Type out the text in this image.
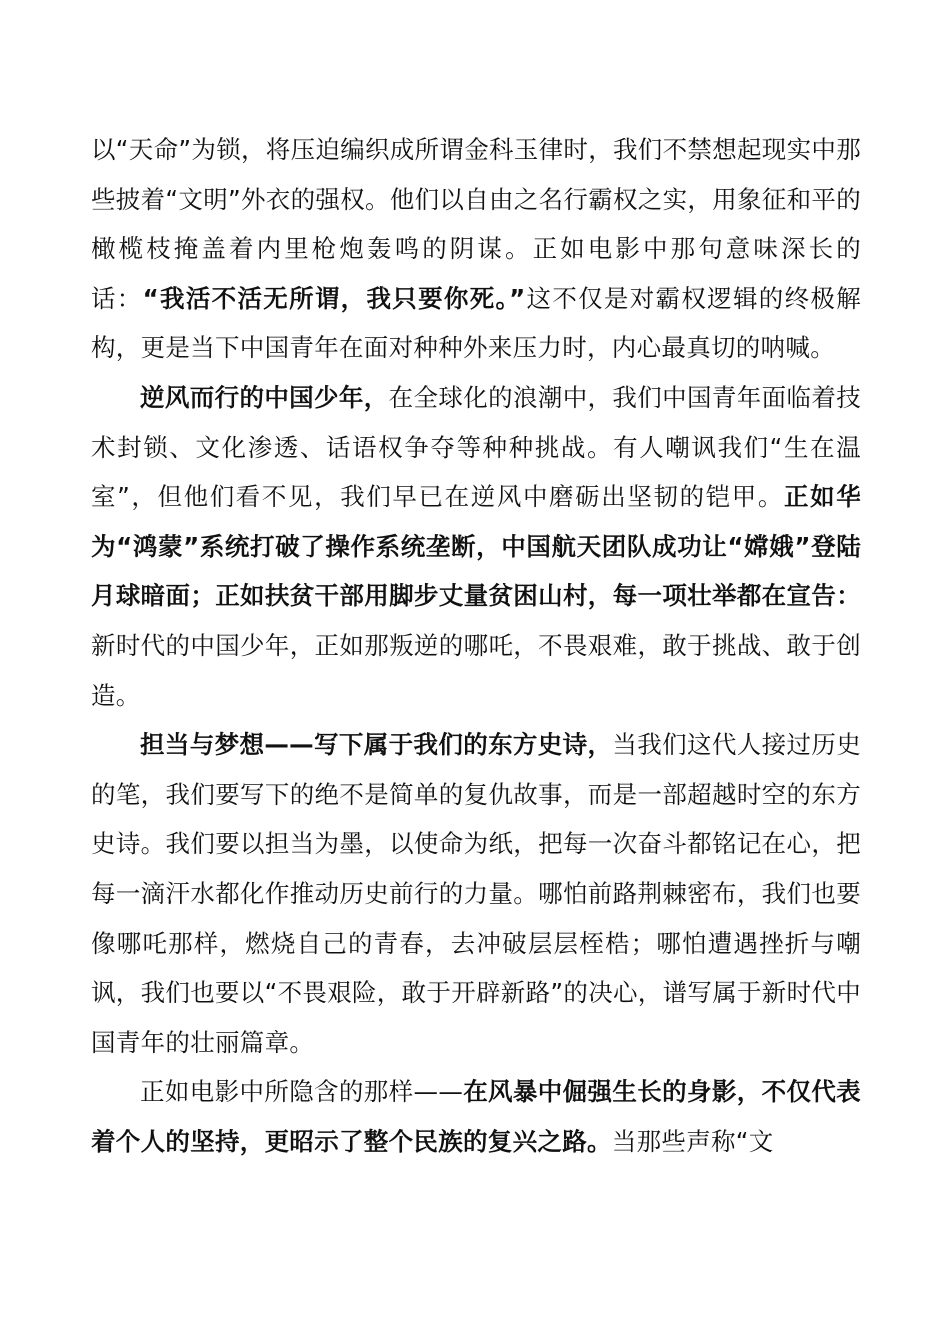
以“天命”为锁，将压迫编织成所谓金科玉律时，我们不禁想起现实中那些披着“文明”外衣的强权。他们以自由之名行霸权之实，用象征和平的橄榄枝掩盖着内里枪炮轰鸣的阴谋。正如电影中那句意味深长的话：“我活不活无所谓，我只要你死。”这不仅是对霸权逻辑的终极解构，更是当下中国青年在面对种种外来压力时，内心最真切的呐喊。

逆风而行的中国少年，在全球化的浪潮中，我们中国青年面临着技术封锁、文化渗透、话语权争夺等种种挑战。有人嘲讽我们“生在温室”，但他们看不见，我们早已在逆风中磨砺出坚韧的铠甲。正如华为“鸿蒙”系统打破了操作系统垄断，中国航天团队成功让“嫦娥”登陆月球暗面；正如扶贫干部用脚步丈量贫困山村，每一项壮举都在宣告：新时代的中国少年，正如那叛逆的哪吒，不畏艰难，敢于挑战、敢于创造。

担当与梦想——写下属于我们的东方史诗，当我们这代人接过历史的笔，我们要写下的绝不是简单的复仇故事，而是一部超越时空的东方史诗。我们要以担当为墨，以使命为纸，把每一次奋斗都铭记在心，把每一滴汗水都化作推动历史前行的力量。哪怕前路荆棘密布，我们也要像哪吒那样，燃烧自己的青春，去冲破层层桎梏；哪怕遭遇挫折与嘲讽，我们也要以“不畏艰险，敢于开辟新路”的决心，谱写属于新时代中国青年的壮丽篇章。

正如电影中所隐含的那样——在风暴中倔强生长的身影，不仅代表着个人的坚持，更昭示了整个民族的复兴之路。当那些声称“文
